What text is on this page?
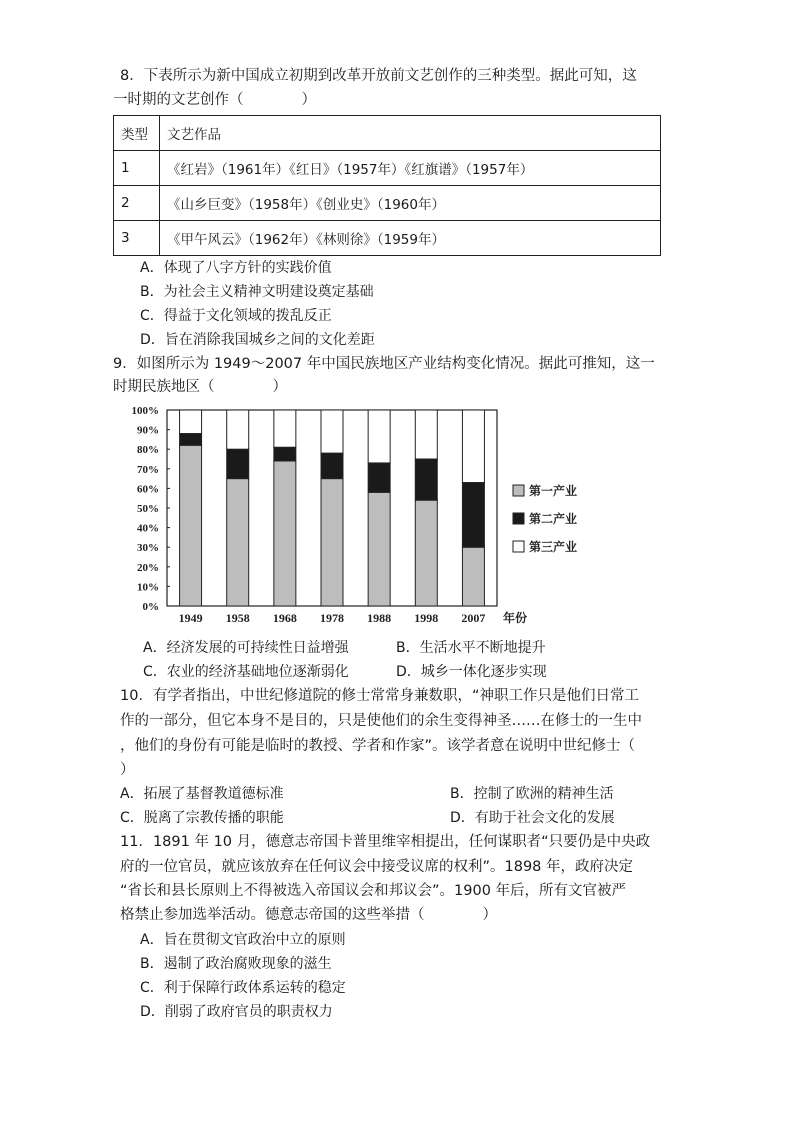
8．下表所示为新中国成立初期到改革开放前文艺创作的三种类型。据此可知，这
一时期的文艺创作（　　　　）
类型	文艺作品
1	《红岩》（1961年）《红日》（1957年）《红旗谱》（1957年）
2	《山乡巨变》（1958年）《创业史》（1960年）
3	《甲午风云》（1962年）《林则徐》（1959年）
A．体现了八字方针的实践价值
B．为社会主义精神文明建设奠定基础
C．得益于文化领域的拨乱反正
D．旨在消除我国城乡之间的文化差距
9．如图所示为 1949～2007 年中国民族地区产业结构变化情况。据此可推知，这一
时期民族地区（　　　　）
0%
10%
20%
30%
40%
50%
60%
70%
80%
90%
100%
1949 1958 1968 1978 1988 1998 2007 年份
第一产业
第二产业
第三产业
A．经济发展的可持续性日益增强	B．生活水平不断地提升
C．农业的经济基础地位逐渐弱化	D．城乡一体化逐步实现
10．有学者指出，中世纪修道院的修士常常身兼数职，“神职工作只是他们日常工
作的一部分，但它本身不是目的，只是使他们的余生变得神圣……在修士的一生中
，他们的身份有可能是临时的教授、学者和作家”。该学者意在说明中世纪修士（
）
A．拓展了基督教道德标准	B．控制了欧洲的精神生活
C．脱离了宗教传播的职能	D．有助于社会文化的发展
11．1891 年 10 月，德意志帝国卡普里维宰相提出，任何谋职者“只要仍是中央政
府的一位官员，就应该放弃在任何议会中接受议席的权利”。1898 年，政府决定
“省长和县长原则上不得被选入帝国议会和邦议会”。1900 年后，所有文官被严
格禁止参加选举活动。德意志帝国的这些举措（　　　　）
A．旨在贯彻文官政治中立的原则
B．遏制了政治腐败现象的滋生
C．利于保障行政体系运转的稳定
D．削弱了政府官员的职责权力
